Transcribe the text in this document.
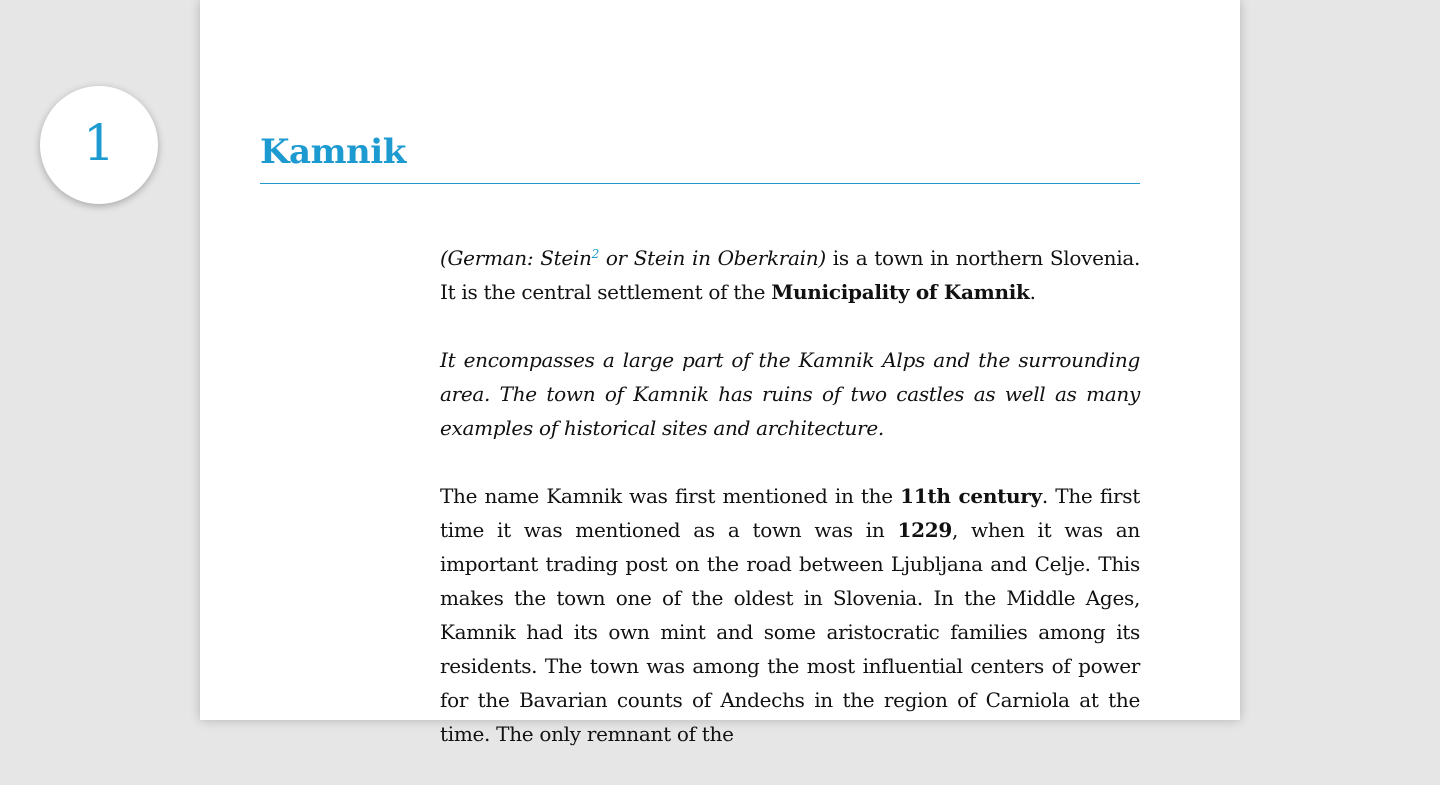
Kamnik

(German: Stein$^2$ or Stein in Oberkrain) is a town in northern Slovenia. It is the central settlement of the Municipality of Kamnik.

It encompasses a large part of the Kamnik Alps and the surrounding area. The town of Kamnik has ruins of two castles as well as many examples of historical sites and architecture.

The name Kamnik was first mentioned in the 11th century. The first time it was mentioned as a town was in 1229, when it was an important trading post on the road between Ljubljana and Celje. This makes the town one of the oldest in Slovenia. In the Middle Ages, Kamnik had its own mint and some aristocratic families among its residents. The town was among the most influential centers of power for the Bavarian counts of Andechs in the region of Carniola at the time. The only remnant of the

1
